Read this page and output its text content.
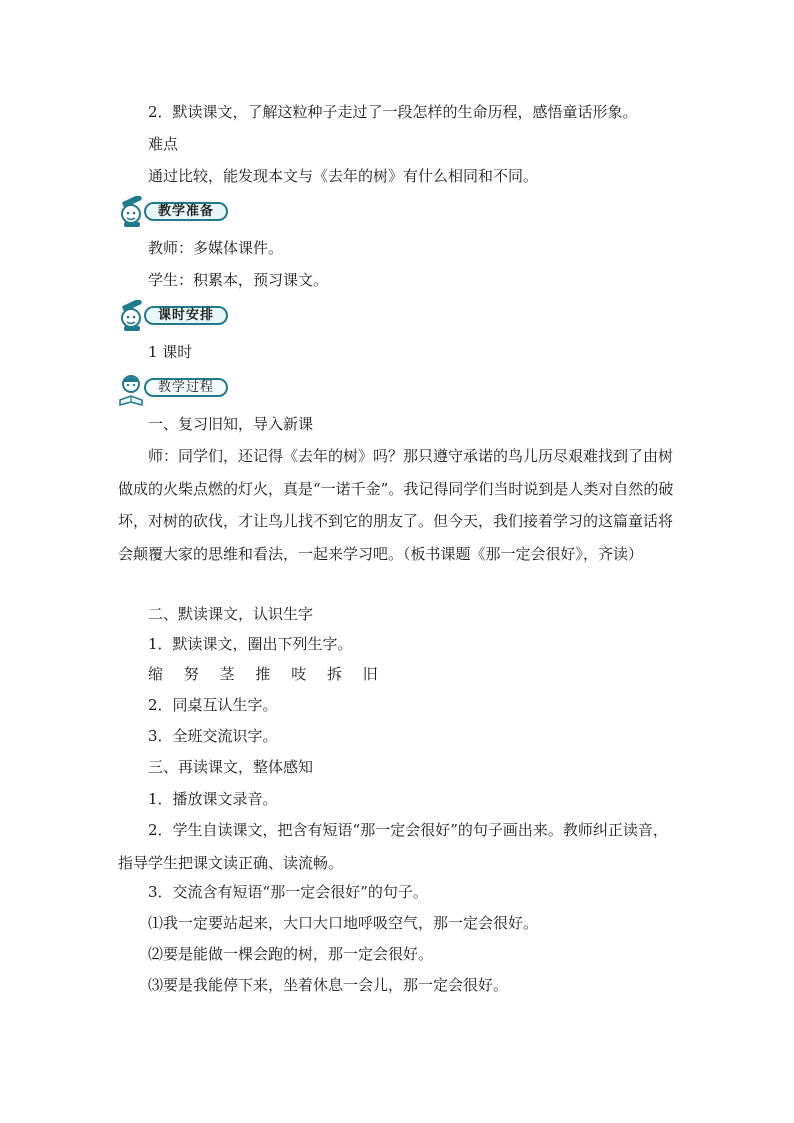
2．默读课文，了解这粒种子走过了一段怎样的生命历程，感悟童话形象。
难点
通过比较，能发现本文与《去年的树》有什么相同和不同。
教学准备
教师：多媒体课件。
学生：积累本，预习课文。
课时安排
1 课时
教学过程
一、复习旧知，导入新课
师：同学们，还记得《去年的树》吗？那只遵守承诺的鸟儿历尽艰难找到了由树做成的火柴点燃的灯火，真是“一诺千金”。我记得同学们当时说到是人类对自然的破坏，对树的砍伐，才让鸟儿找不到它的朋友了。但今天，我们接着学习的这篇童话将会颠覆大家的思维和看法，一起来学习吧。（板书课题《那一定会很好》，齐读）
二、默读课文，认识生字
1．默读课文，圈出下列生字。
缩 努 茎 推 吱 拆 旧
2．同桌互认生字。
3．全班交流识字。
三、再读课文，整体感知
1．播放课文录音。
2．学生自读课文，把含有短语“那一定会很好”的句子画出来。教师纠正读音，指导学生把课文读正确、读流畅。
3．交流含有短语“那一定会很好”的句子。
⑴我一定要站起来，大口大口地呼吸空气，那一定会很好。
⑵要是能做一棵会跑的树，那一定会很好。
⑶要是我能停下来，坐着休息一会儿，那一定会很好。
